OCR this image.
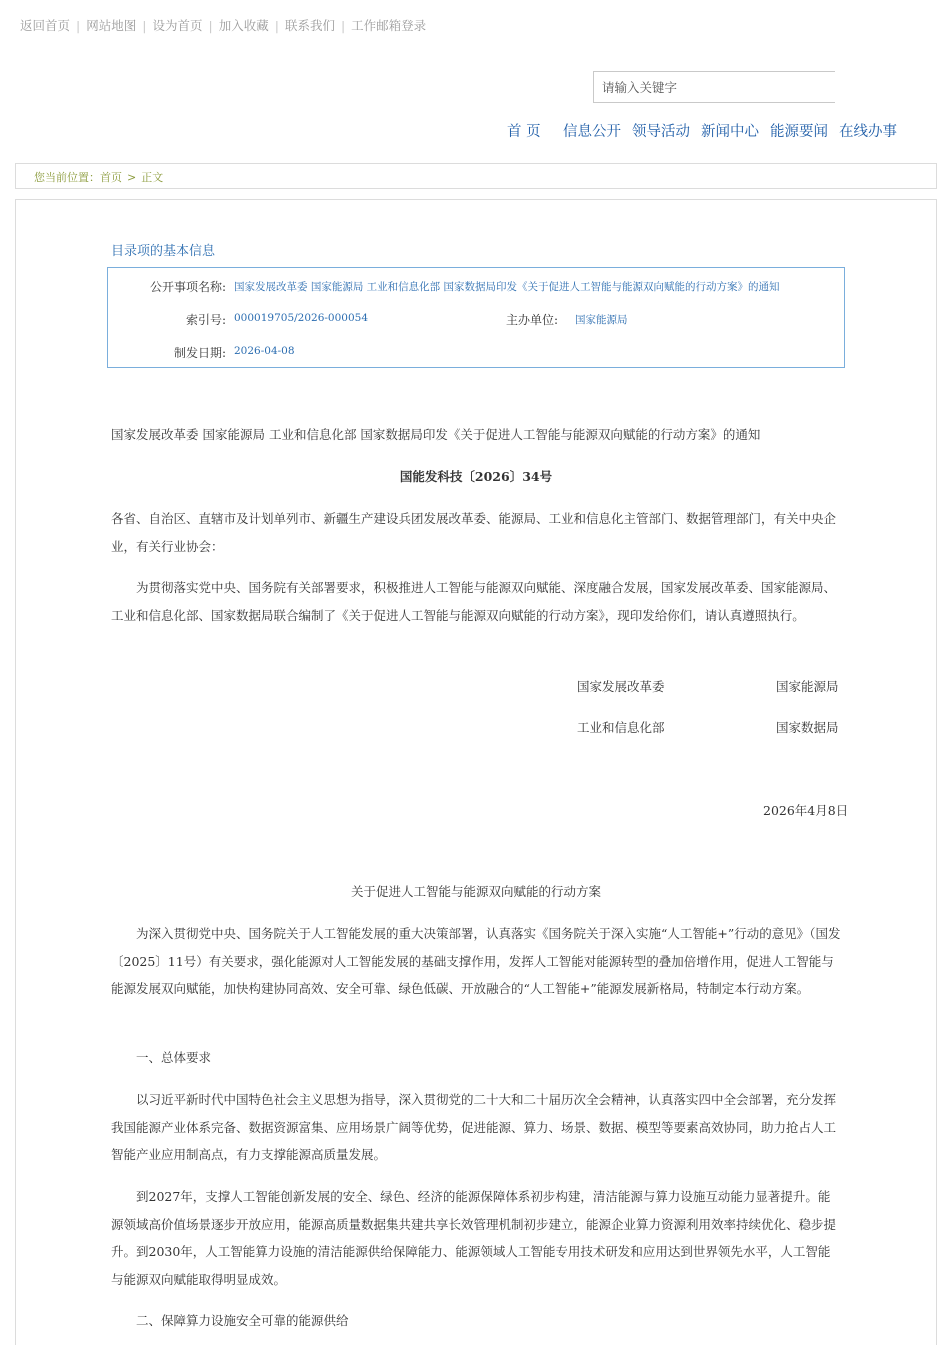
返回首页 | 网站地图 | 设为首页 | 加入收藏 | 联系我们 | 工作邮箱登录
请输入关键字
首 页 信息公开 领导活动 新闻中心 能源要闻 在线办事
您当前位置：首页 > 正文
目录项的基本信息
公开事项名称: 国家发展改革委 国家能源局 工业和信息化部 国家数据局印发《关于促进人工智能与能源双向赋能的行动方案》的通知
索引号: 000019705/2026-000054	主办单位: 国家能源局
制发日期: 2026-04-08
国家发展改革委 国家能源局 工业和信息化部 国家数据局印发《关于促进人工智能与能源双向赋能的行动方案》的通知
国能发科技〔2026〕34号
各省、自治区、直辖市及计划单列市、新疆生产建设兵团发展改革委、能源局、工业和信息化主管部门、数据管理部门，有关中央企业，有关行业协会：
为贯彻落实党中央、国务院有关部署要求，积极推进人工智能与能源双向赋能、深度融合发展，国家发展改革委、国家能源局、工业和信息化部、国家数据局联合编制了《关于促进人工智能与能源双向赋能的行动方案》，现印发给你们，请认真遵照执行。
国家发展改革委	国家能源局
工业和信息化部	国家数据局
2026年4月8日
关于促进人工智能与能源双向赋能的行动方案
为深入贯彻党中央、国务院关于人工智能发展的重大决策部署，认真落实《国务院关于深入实施“人工智能+”行动的意见》（国发〔2025〕11号）有关要求，强化能源对人工智能发展的基础支撑作用，发挥人工智能对能源转型的叠加倍增作用，促进人工智能与能源发展双向赋能，加快构建协同高效、安全可靠、绿色低碳、开放融合的“人工智能+”能源发展新格局，特制定本行动方案。
一、总体要求
以习近平新时代中国特色社会主义思想为指导，深入贯彻党的二十大和二十届历次全会精神，认真落实四中全会部署，充分发挥我国能源产业体系完备、数据资源富集、应用场景广阔等优势，促进能源、算力、场景、数据、模型等要素高效协同，助力抢占人工智能产业应用制高点，有力支撑能源高质量发展。
到2027年，支撑人工智能创新发展的安全、绿色、经济的能源保障体系初步构建，清洁能源与算力设施互动能力显著提升。能源领域高价值场景逐步开放应用，能源高质量数据集共建共享长效管理机制初步建立，能源企业算力资源利用效率持续优化、稳步提升。到2030年，人工智能算力设施的清洁能源供给保障能力、能源领域人工智能专用技术研发和应用达到世界领先水平，人工智能与能源双向赋能取得明显成效。
二、保障算力设施安全可靠的能源供给
